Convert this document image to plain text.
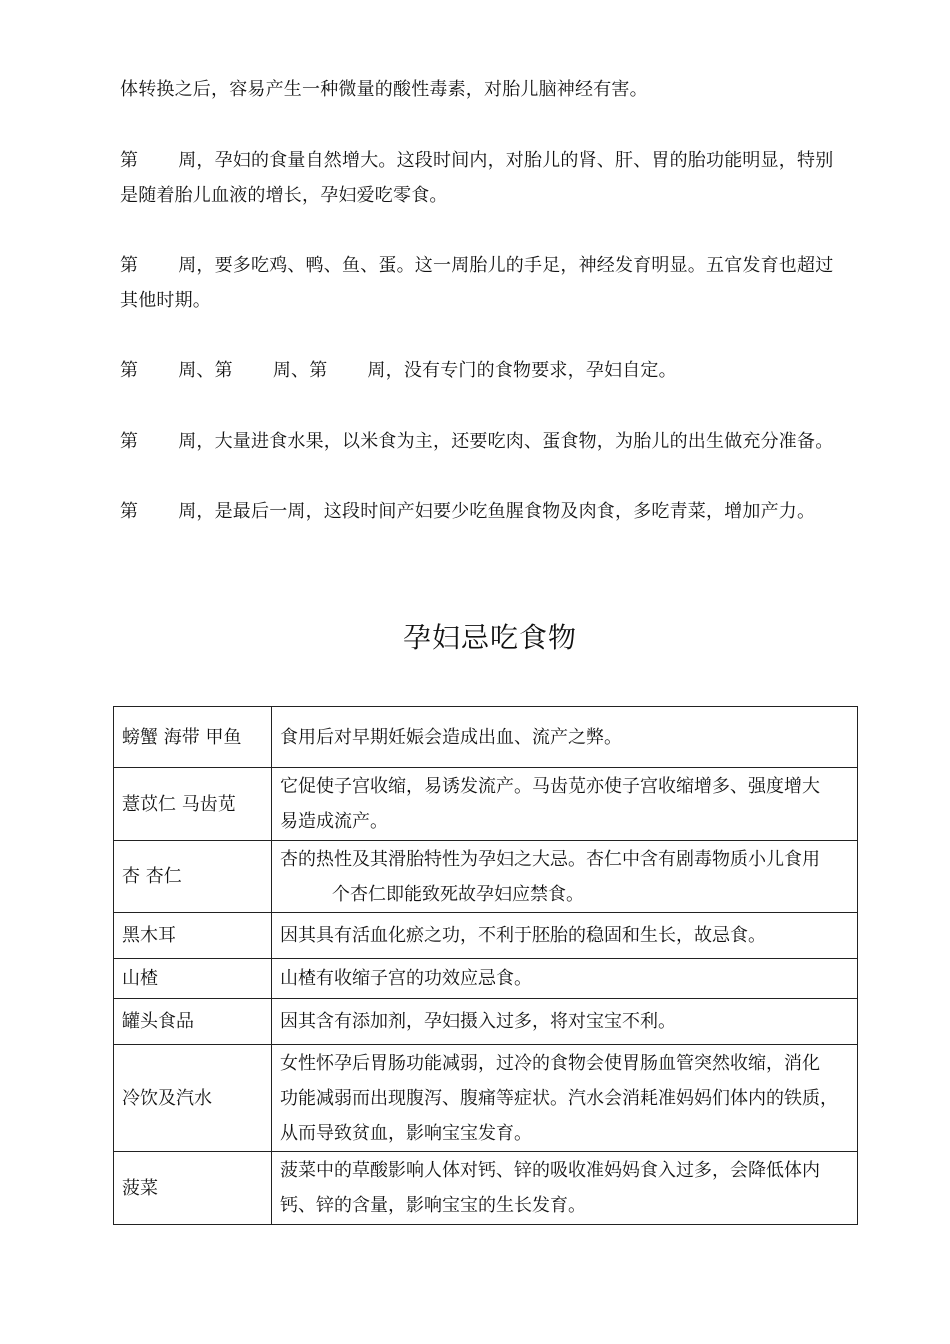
体转换之后，容易产生一种微量的酸性毒素，对胎儿脑神经有害。

第 周，孕妇的食量自然增大。这段时间内，对胎儿的肾、肝、胃的胎功能明显，特别
是随着胎儿血液的增长，孕妇爱吃零食。

第 周，要多吃鸡、鸭、鱼、蛋。这一周胎儿的手足，神经发育明显。五官发育也超过
其他时期。

第 周、第 周、第 周，没有专门的食物要求，孕妇自定。

第 周，大量进食水果，以米食为主，还要吃肉、蛋食物，为胎儿的出生做充分准备。

第 周，是最后一周，这段时间产妇要少吃鱼腥食物及肉食，多吃青菜，增加产力。

孕妇忌吃食物
螃蟹 海带 甲鱼	食用后对早期妊娠会造成出血、流产之弊。

薏苡仁 马齿苋	它促使子宫收缩，易诱发流产。马齿苋亦使子宫收缩增多、强度增大
易造成流产。

杏 杏仁	杏的热性及其滑胎特性为孕妇之大忌。杏仁中含有剧毒物质小儿食用
个杏仁即能致死故孕妇应禁食。

黑木耳	因其具有活血化瘀之功，不利于胚胎的稳固和生长，故忌食。

山楂	山楂有收缩子宫的功效应忌食。

罐头食品	因其含有添加剂，孕妇摄入过多，将对宝宝不利。

冷饮及汽水	女性怀孕后胃肠功能减弱，过冷的食物会使胃肠血管突然收缩，消化
功能减弱而出现腹泻、腹痛等症状。汽水会消耗准妈妈们体内的铁质，
从而导致贫血，影响宝宝发育。

菠菜	菠菜中的草酸影响人体对钙、锌的吸收准妈妈食入过多，会降低体内
钙、锌的含量，影响宝宝的生长发育。
